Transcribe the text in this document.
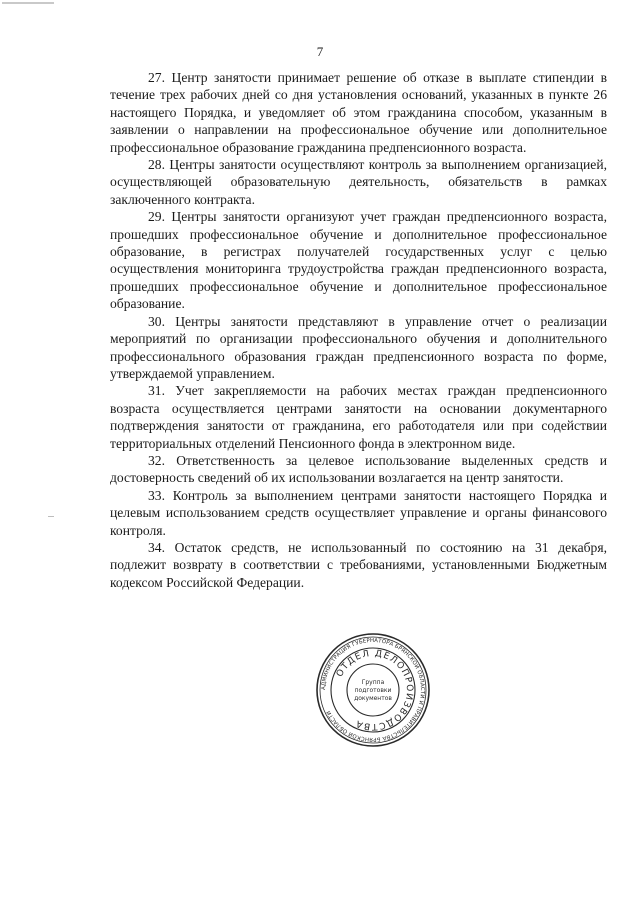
7

27. Центр занятости принимает решение об отказе в выплате стипендии в течение трех рабочих дней со дня установления оснований, указанных в пункте 26 настоящего Порядка, и уведомляет об этом гражданина способом, указанным в заявлении о направлении на профессиональное обучение или дополнительное профессиональное образование гражданина предпенсионного возраста.

28. Центры занятости осуществляют контроль за выполнением организацией, осуществляющей образовательную деятельность, обязательств в рамках заключенного контракта.

29. Центры занятости организуют учет граждан предпенсионного возраста, прошедших профессиональное обучение и дополнительное профессиональное образование, в регистрах получателей государственных услуг с целью осуществления мониторинга трудоустройства граждан предпенсионного возраста, прошедших профессиональное обучение и дополнительное профессиональное образование.

30. Центры занятости представляют в управление отчет о реализации мероприятий по организации профессионального обучения и дополнительного профессионального образования граждан предпенсионного возраста по форме, утверждаемой управлением.

31. Учет закрепляемости на рабочих местах граждан предпенсионного возраста осуществляется центрами занятости на основании документарного подтверждения занятости от гражданина, его работодателя или при содействии территориальных отделений Пенсионного фонда в электронном виде.

32. Ответственность за целевое использование выделенных средств и достоверность сведений об их использовании возлагается на центр занятости.

33. Контроль за выполнением центрами занятости настоящего Порядка и целевым использованием средств осуществляет управление и органы финансового контроля.

34. Остаток средств, не использованный по состоянию на 31 декабря, подлежит возврату в соответствии с требованиями, установленными Бюджетным кодексом Российской Федерации.

АДМИНИСТРАЦИЯ ГУБЕРНАТОРА БРЯНСКОЙ ОБЛАСТИ И ПРАВИТЕЛЬСТВА БРЯНСКОЙ ОБЛАСТИ
ОТДЕЛ ДЕЛОПРОИЗВОДСТВА
Группа
подготовки
документов
